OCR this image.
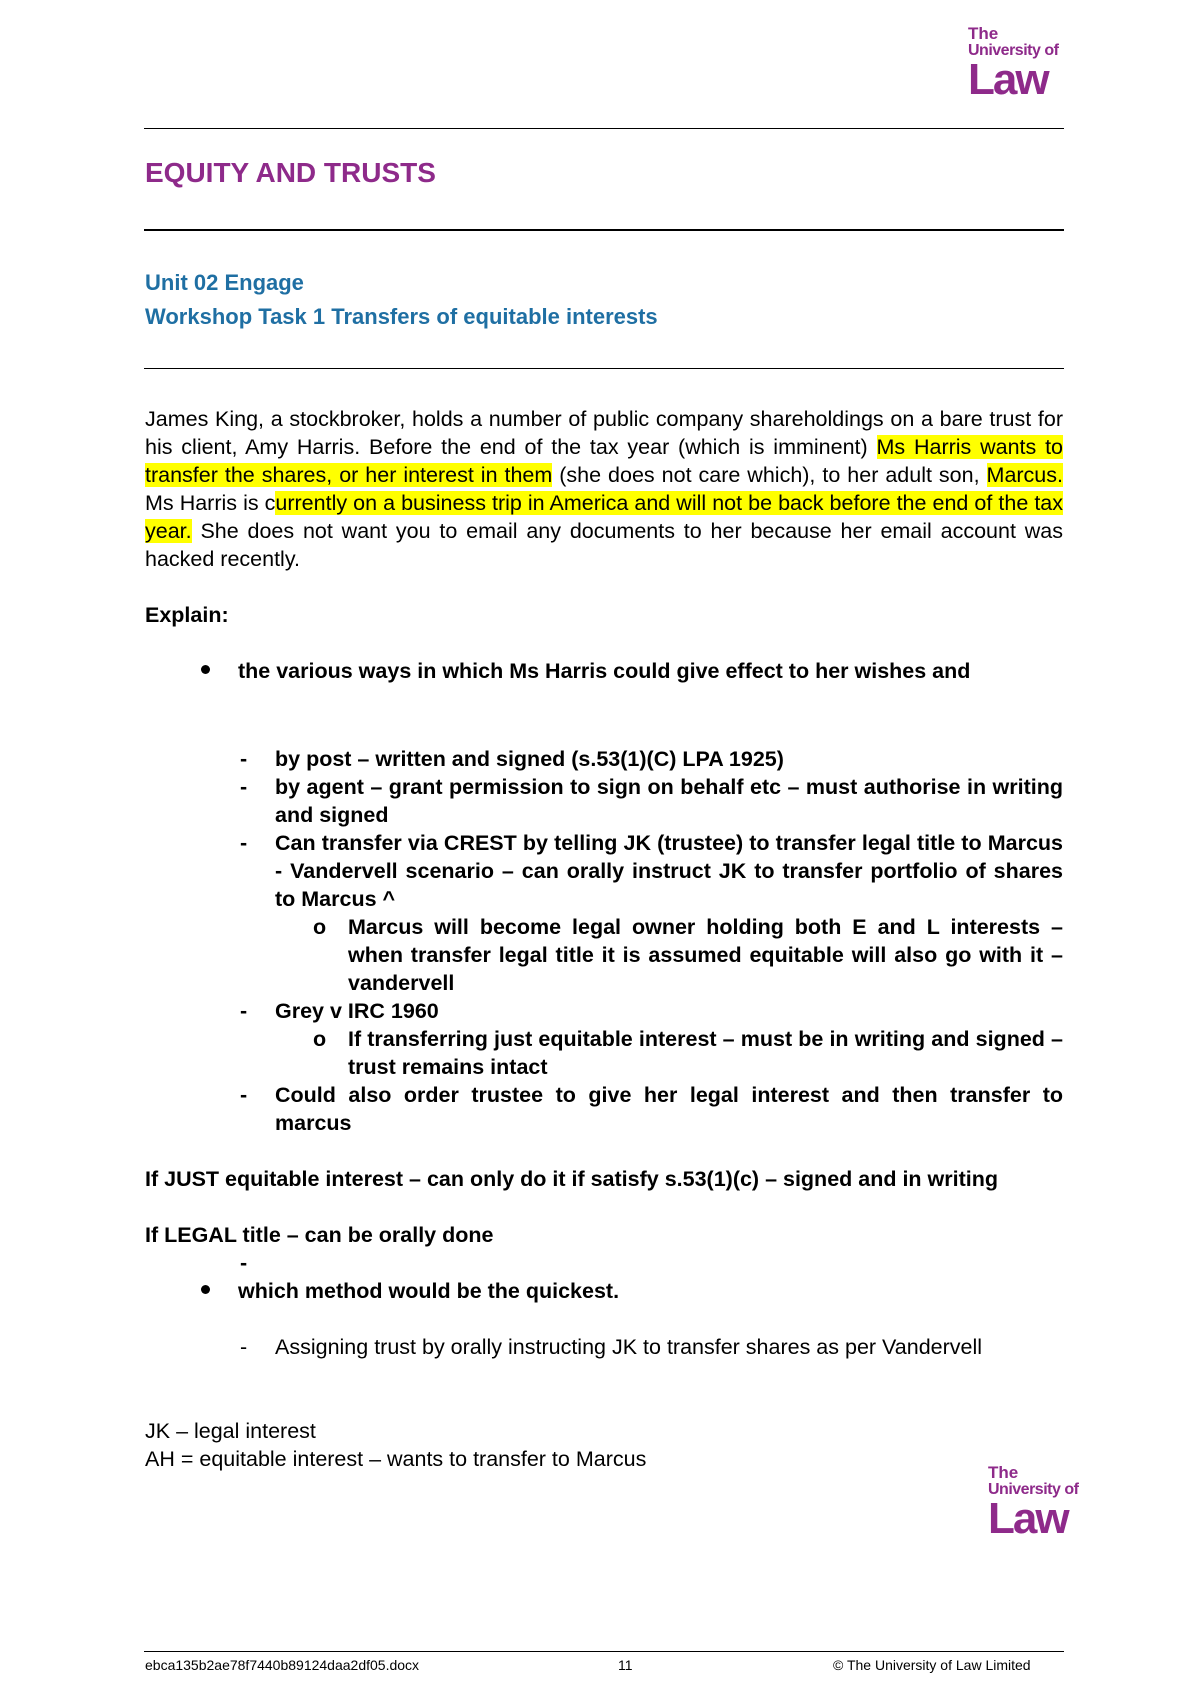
The
University of
Law
EQUITY AND TRUSTS
Unit 02 Engage
Workshop Task 1 Transfers of equitable interests
James King, a stockbroker, holds a number of public company shareholdings on a bare trust for his client, Amy Harris. Before the end of the tax year (which is imminent) Ms Harris wants to transfer the shares, or her interest in them (she does not care which), to her adult son, Marcus. Ms Harris is currently on a business trip in America and will not be back before the end of the tax year. She does not want you to email any documents to her because her email account was hacked recently.
Explain:
the various ways in which Ms Harris could give effect to her wishes and
- by post – written and signed (s.53(1)(C) LPA 1925)
- by agent – grant permission to sign on behalf etc – must authorise in writing and signed
- Can transfer via CREST by telling JK (trustee) to transfer legal title to Marcus - Vandervell scenario – can orally instruct JK to transfer portfolio of shares to Marcus ^
o Marcus will become legal owner holding both E and L interests – when transfer legal title it is assumed equitable will also go with it – vandervell
- Grey v IRC 1960
o If transferring just equitable interest – must be in writing and signed – trust remains intact
- Could also order trustee to give her legal interest and then transfer to marcus
If JUST equitable interest – can only do it if satisfy s.53(1)(c) – signed and in writing
If LEGAL title – can be orally done
-
which method would be the quickest.
- Assigning trust by orally instructing JK to transfer shares as per Vandervell
JK – legal interest
AH = equitable interest – wants to transfer to Marcus
The
University of
Law
ebca135b2ae78f7440b89124daa2df05.docx	11	© The University of Law Limited
